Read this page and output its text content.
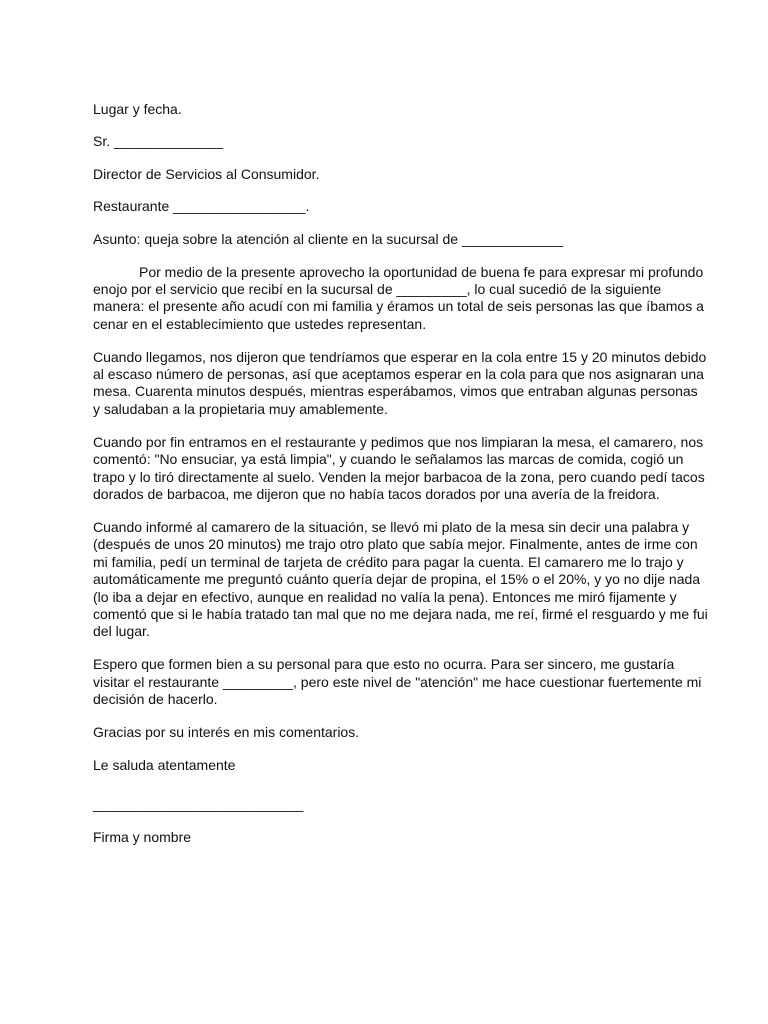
Lugar y fecha.

Sr. ______________

Director de Servicios al Consumidor.

Restaurante _________________.

Asunto: queja sobre la atención al cliente en la sucursal de _____________

Por medio de la presente aprovecho la oportunidad de buena fe para expresar mi profundo enojo por el servicio que recibí en la sucursal de _________, lo cual sucedió de la siguiente manera: el presente año acudí con mi familia y éramos un total de seis personas las que íbamos a cenar en el establecimiento que ustedes representan.

Cuando llegamos, nos dijeron que tendríamos que esperar en la cola entre 15 y 20 minutos debido al escaso número de personas, así que aceptamos esperar en la cola para que nos asignaran una mesa. Cuarenta minutos después, mientras esperábamos, vimos que entraban algunas personas y saludaban a la propietaria muy amablemente.

Cuando por fin entramos en el restaurante y pedimos que nos limpiaran la mesa, el camarero, nos comentó: "No ensuciar, ya está limpia", y cuando le señalamos las marcas de comida, cogió un trapo y lo tiró directamente al suelo. Venden la mejor barbacoa de la zona, pero cuando pedí tacos dorados de barbacoa, me dijeron que no había tacos dorados por una avería de la freidora.

Cuando informé al camarero de la situación, se llevó mi plato de la mesa sin decir una palabra y (después de unos 20 minutos) me trajo otro plato que sabía mejor. Finalmente, antes de irme con mi familia, pedí un terminal de tarjeta de crédito para pagar la cuenta. El camarero me lo trajo y automáticamente me preguntó cuánto quería dejar de propina, el 15% o el 20%, y yo no dije nada (lo iba a dejar en efectivo, aunque en realidad no valía la pena). Entonces me miró fijamente y comentó que si le había tratado tan mal que no me dejara nada, me reí, firmé el resguardo y me fui del lugar.

Espero que formen bien a su personal para que esto no ocurra. Para ser sincero, me gustaría visitar el restaurante _________, pero este nivel de "atención" me hace cuestionar fuertemente mi decisión de hacerlo.

Gracias por su interés en mis comentarios.

Le saluda atentamente

___________________________

Firma y nombre
